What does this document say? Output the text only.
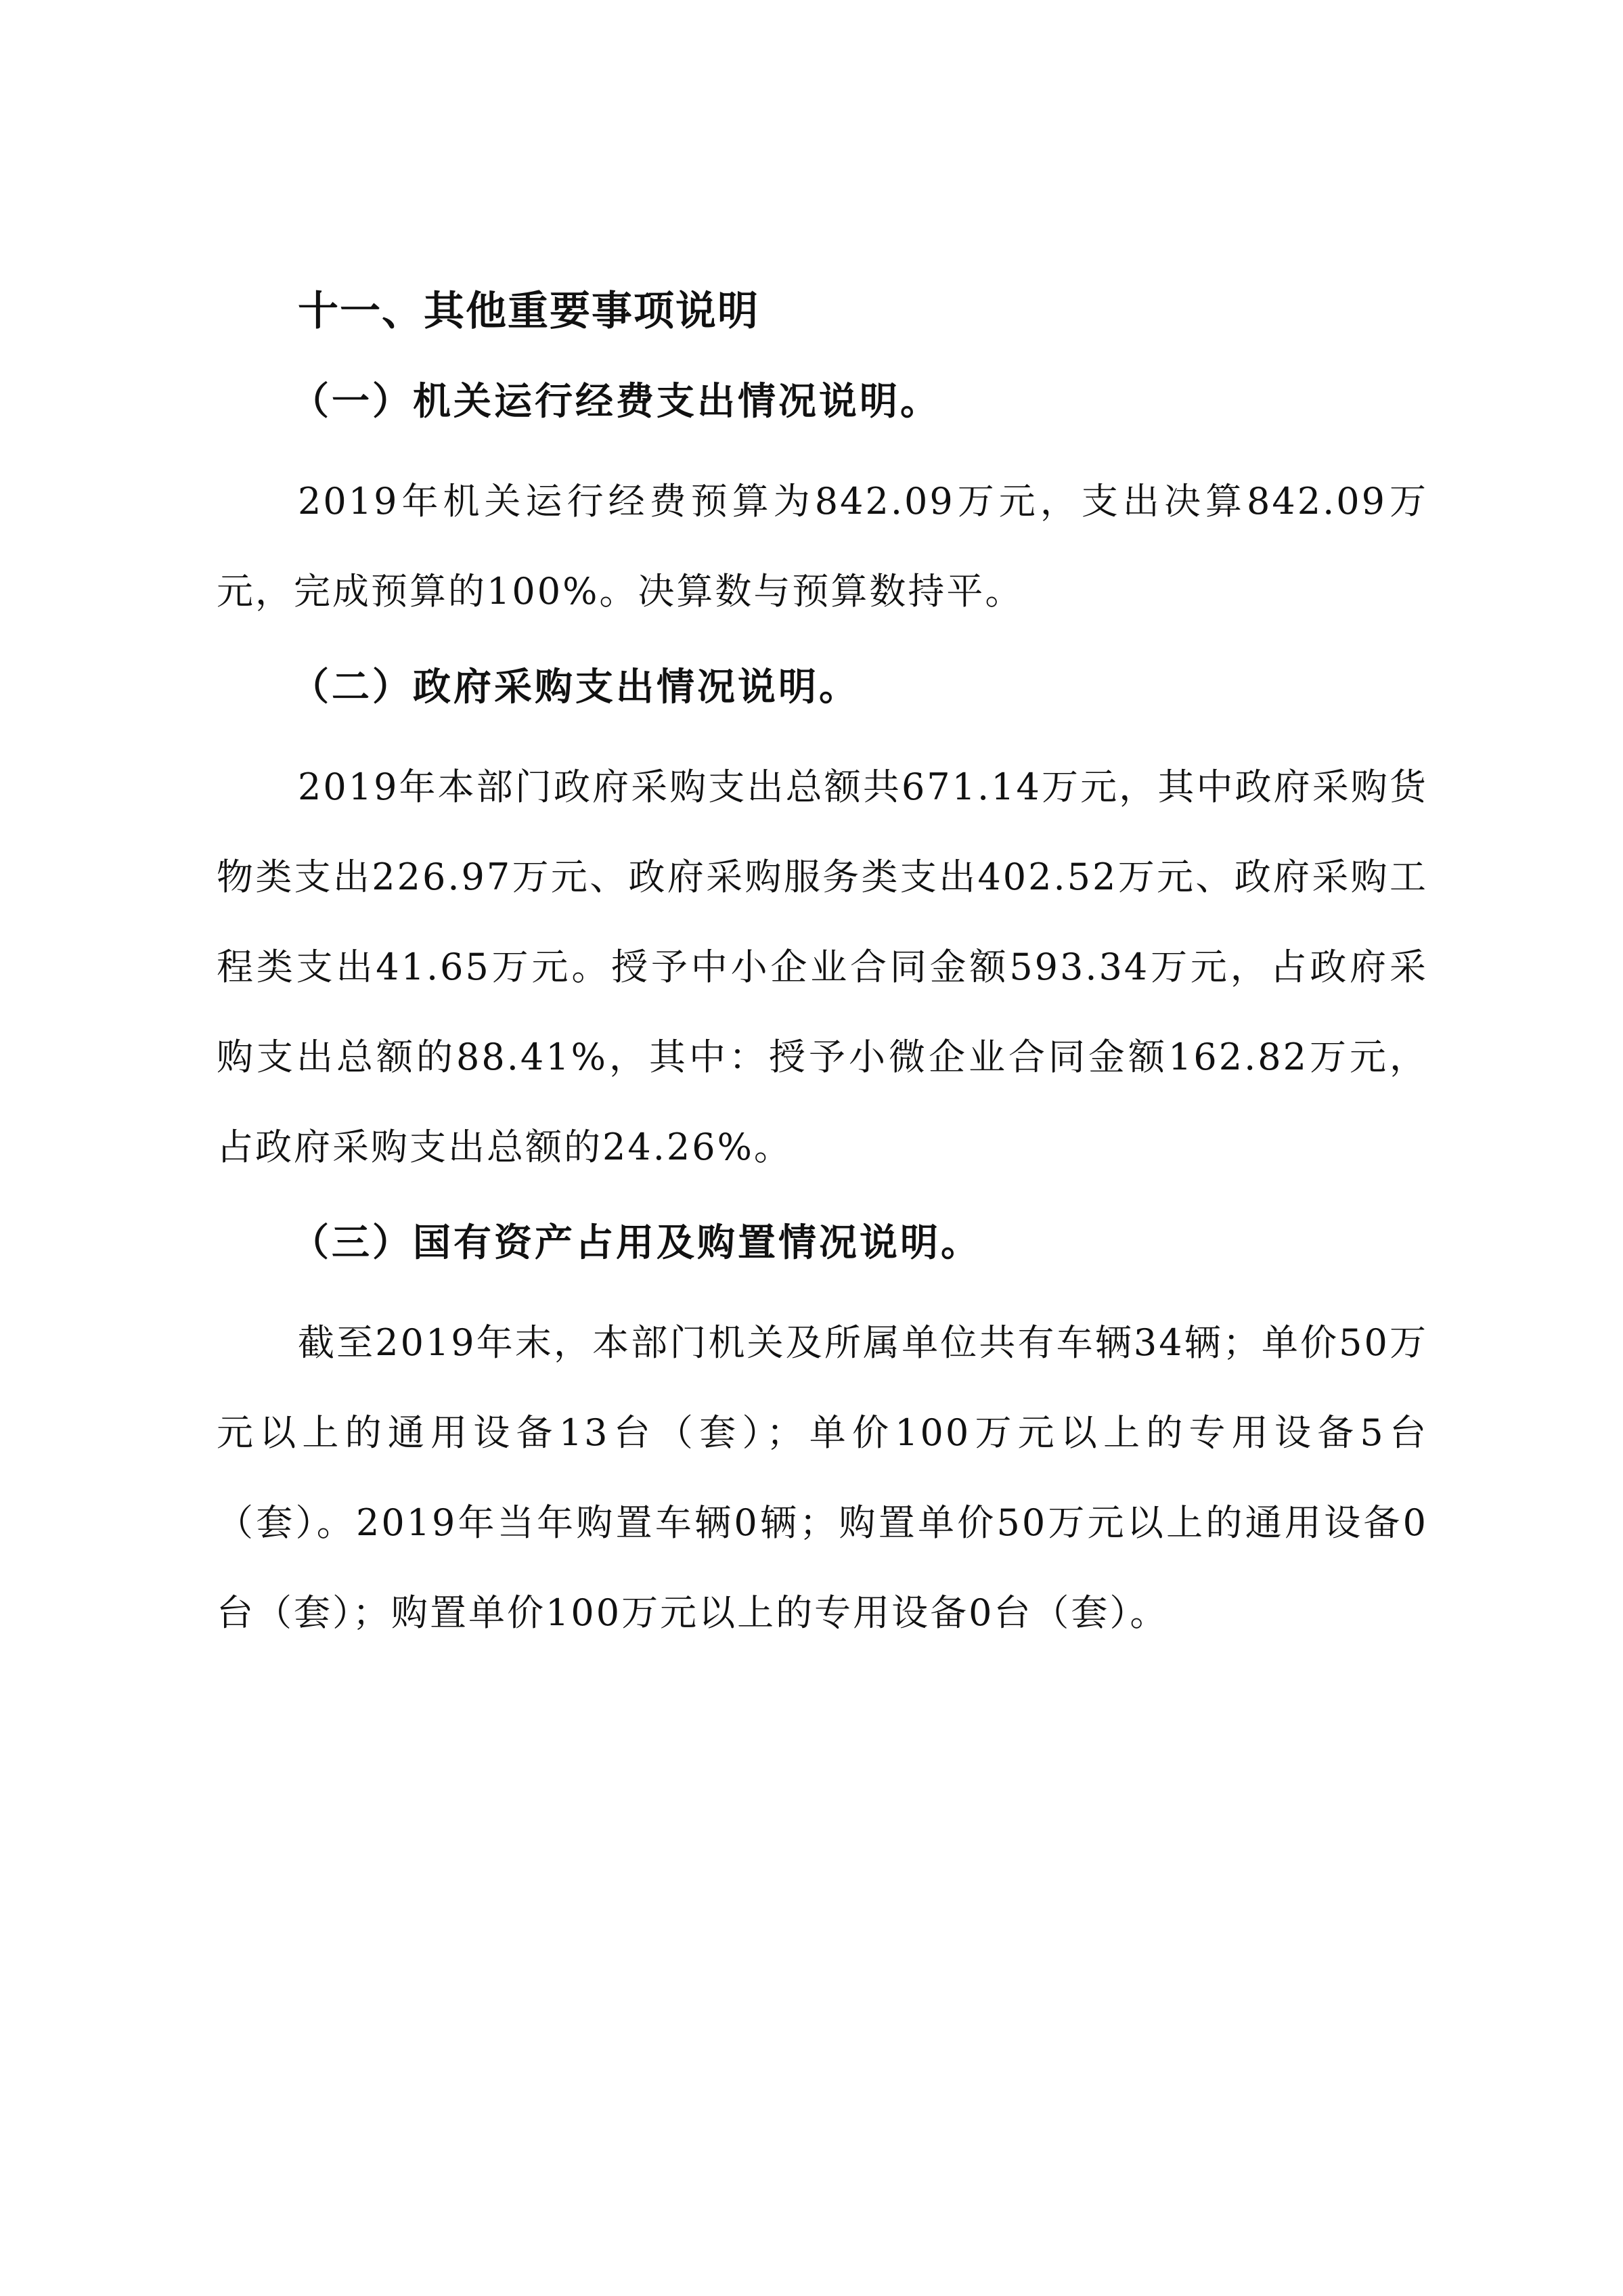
十一、其他重要事项说明
（一）机关运行经费支出情况说明。

2019年机关运行经费预算为842.09万元，支出决算842.09万元，完成预算的100%。决算数与预算数持平。

（二）政府采购支出情况说明。

2019年本部门政府采购支出总额共671.14万元，其中政府采购货物类支出226.97万元、政府采购服务类支出402.52万元、政府采购工程类支出41.65万元。授予中小企业合同金额593.34万元，占政府采购支出总额的88.41%，其中：授予小微企业合同金额162.82万元，占政府采购支出总额的24.26%。

（三）国有资产占用及购置情况说明。

截至2019年末，本部门机关及所属单位共有车辆34辆；单价50万元以上的通用设备13台（套）；单价100万元以上的专用设备5台（套）。2019年当年购置车辆0辆；购置单价50万元以上的通用设备0台（套）；购置单价100万元以上的专用设备0台（套）。
